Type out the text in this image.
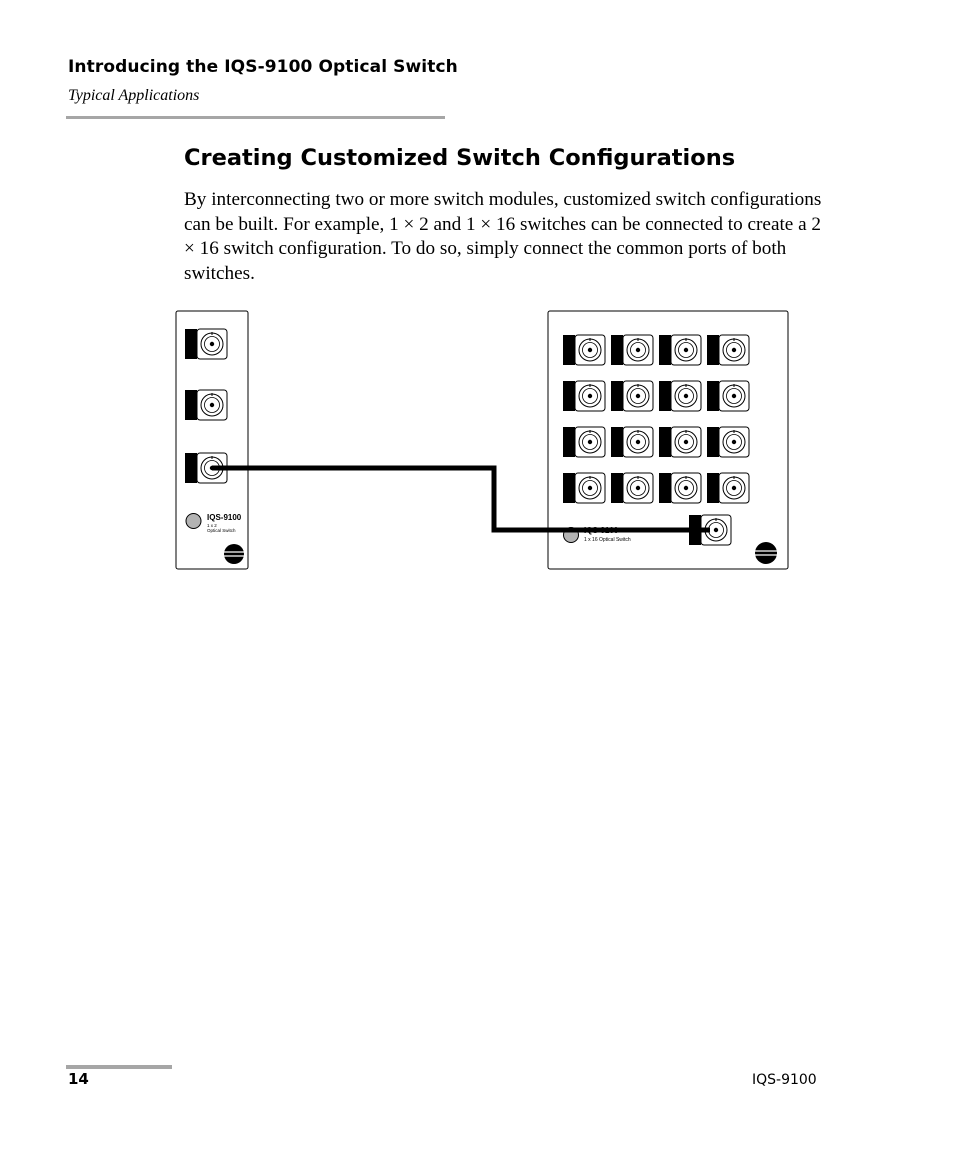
Introducing the IQS-9100 Optical Switch
Typical Applications
Creating Customized Switch Configurations

By interconnecting two or more switch modules, customized switch configurations can be built. For example, 1 × 2 and 1 × 16 switches can be connected to create a 2 × 16 switch configuration. To do so, simply connect the common ports of both switches.

IQS-9100
1 x 2
Optical Switch	IQS-9100
1 x 16 Optical Switch
14	IQS-9100
